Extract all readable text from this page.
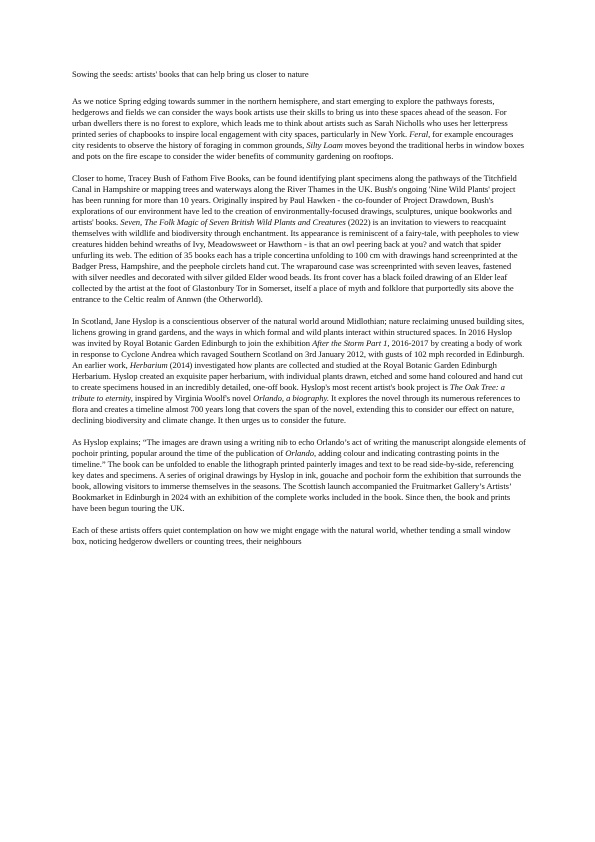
Sowing the seeds: artists' books that can help bring us closer to nature

As we notice Spring edging towards summer in the northern hemisphere, and start emerging to explore the pathways forests, hedgerows and fields we can consider the ways book artists use their skills to bring us into these spaces ahead of the season. For urban dwellers there is no forest to explore, which leads me to think about artists such as Sarah Nicholls who uses her letterpress printed series of chapbooks to inspire local engagement with city spaces, particularly in New York. Feral, for example encourages city residents to observe the history of foraging in common grounds, Silty Loam moves beyond the traditional herbs in window boxes and pots on the fire escape to consider the wider benefits of community gardening on rooftops.

Closer to home, Tracey Bush of Fathom Five Books, can be found identifying plant specimens along the pathways of the Titchfield Canal in Hampshire or mapping trees and waterways along the River Thames in the UK. Bush's ongoing 'Nine Wild Plants' project has been running for more than 10 years. Originally inspired by Paul Hawken - the co-founder of Project Drawdown, Bush's explorations of our environment have led to the creation of environmentally-focused drawings, sculptures, unique bookworks and artists' books. Seven, The Folk Magic of Seven British Wild Plants and Creatures (2022) is an invitation to viewers to reacquaint themselves with wildlife and biodiversity through enchantment. Its appearance is reminiscent of a fairy-tale, with peepholes to view creatures hidden behind wreaths of Ivy, Meadowsweet or Hawthorn - is that an owl peering back at you? and watch that spider unfurling its web. The edition of 35 books each has a triple concertina unfolding to 100 cm with drawings hand screenprinted at the Badger Press, Hampshire, and the peephole circlets hand cut. The wraparound case was screenprinted with seven leaves, fastened with silver needles and decorated with silver gilded Elder wood beads. Its front cover has a black foiled drawing of an Elder leaf collected by the artist at the foot of Glastonbury Tor in Somerset, itself a place of myth and folklore that purportedly sits above the entrance to the Celtic realm of Annwn (the Otherworld).

In Scotland, Jane Hyslop is a conscientious observer of the natural world around Midlothian; nature reclaiming unused building sites, lichens growing in grand gardens, and the ways in which formal and wild plants interact within structured spaces. In 2016 Hyslop was invited by Royal Botanic Garden Edinburgh to join the exhibition After the Storm Part 1, 2016-2017 by creating a body of work in response to Cyclone Andrea which ravaged Southern Scotland on 3rd January 2012, with gusts of 102 mph recorded in Edinburgh. An earlier work, Herbarium (2014) investigated how plants are collected and studied at the Royal Botanic Garden Edinburgh Herbarium. Hyslop created an exquisite paper herbarium, with individual plants drawn, etched and some hand coloured and hand cut to create specimens housed in an incredibly detailed, one-off book. Hyslop's most recent artist's book project is The Oak Tree: a tribute to eternity, inspired by Virginia Woolf's novel Orlando, a biography. It explores the novel through its numerous references to flora and creates a timeline almost 700 years long that covers the span of the novel, extending this to consider our effect on nature, declining biodiversity and climate change. It then urges us to consider the future.

As Hyslop explains; “The images are drawn using a writing nib to echo Orlando’s act of writing the manuscript alongside elements of pochoir printing, popular around the time of the publication of Orlando, adding colour and indicating contrasting points in the timeline.” The book can be unfolded to enable the lithograph printed painterly images and text to be read side-by-side, referencing key dates and specimens. A series of original drawings by Hyslop in ink, gouache and pochoir form the exhibition that surrounds the book, allowing visitors to immerse themselves in the seasons. The Scottish launch accompanied the Fruitmarket Gallery’s Artists’ Bookmarket in Edinburgh in 2024 with an exhibition of the complete works included in the book. Since then, the book and prints have been begun touring the UK.

Each of these artists offers quiet contemplation on how we might engage with the natural world, whether tending a small window box, noticing hedgerow dwellers or counting trees, their neighbours
